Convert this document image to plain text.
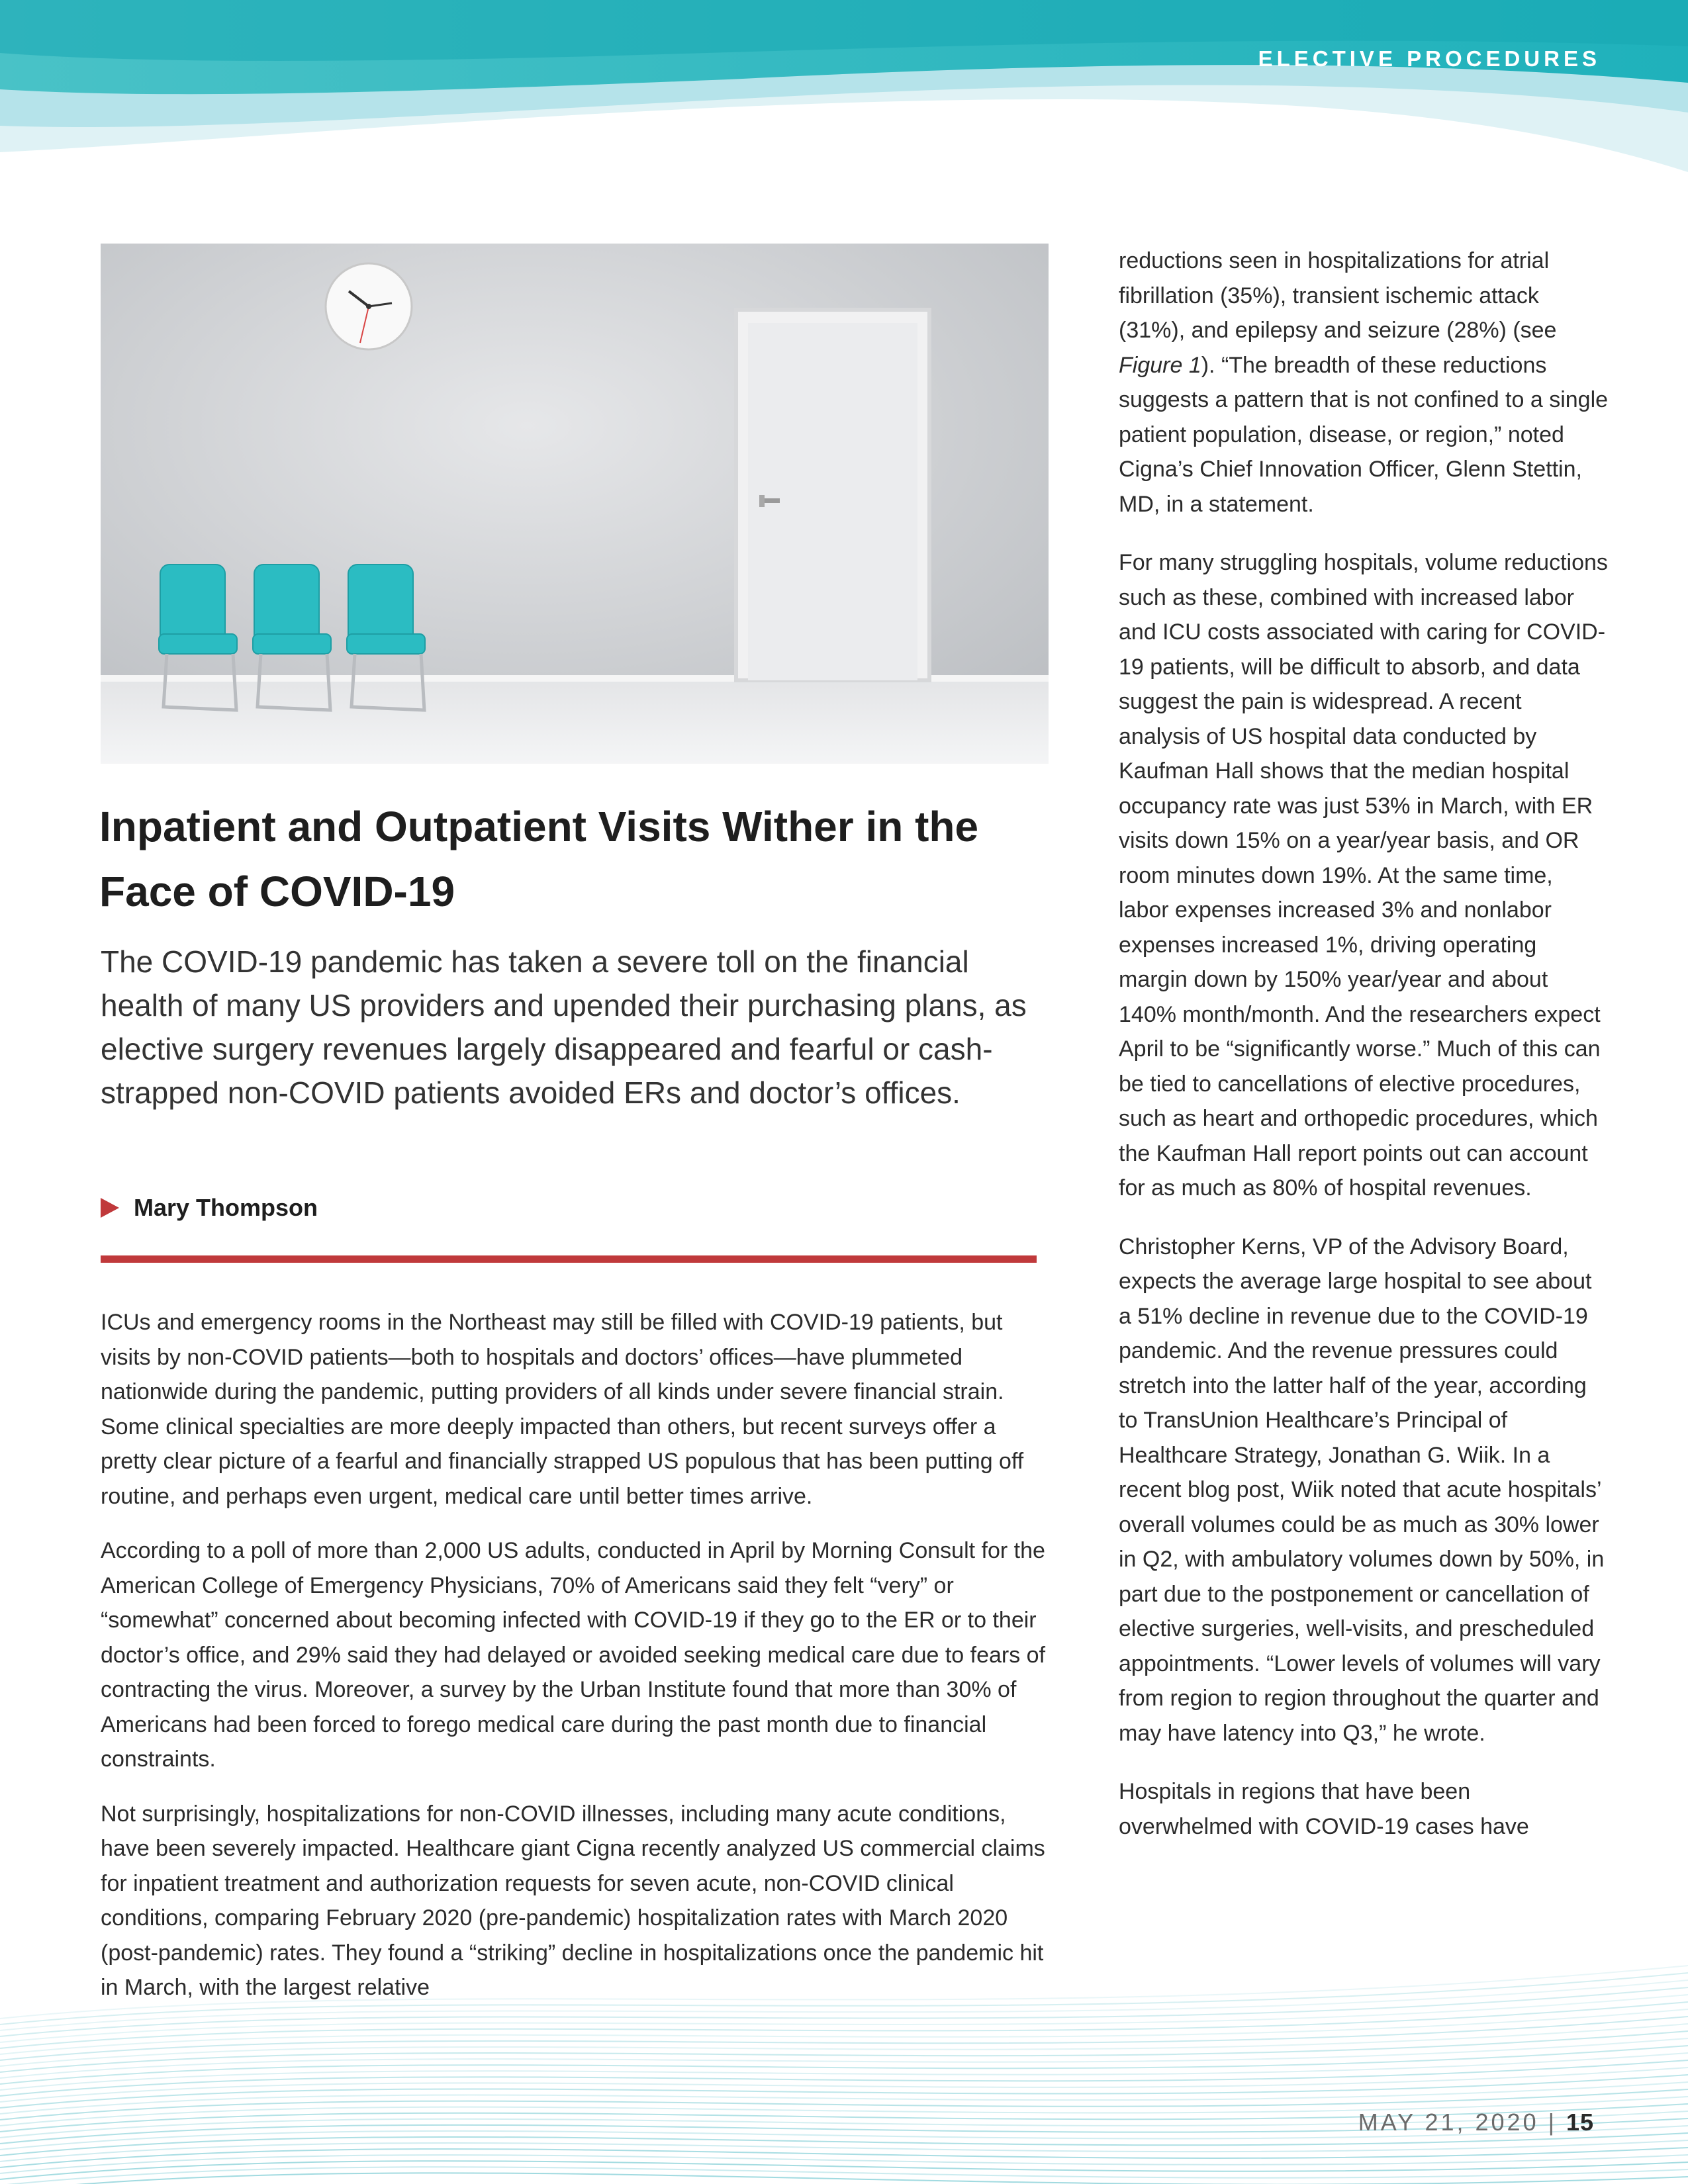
ELECTIVE PROCEDURES
Inpatient and Outpatient Visits Wither in the Face of COVID-19

The COVID-19 pandemic has taken a severe toll on the financial health of many US providers and upended their purchasing plans, as elective surgery revenues largely disappeared and fearful or cash-strapped non-COVID patients avoided ERs and doctor’s offices.

Mary Thompson

ICUs and emergency rooms in the Northeast may still be filled with COVID-19 patients, but visits by non-COVID patients—both to hospitals and doctors’ offices—have plummeted nationwide during the pandemic, putting providers of all kinds under severe financial strain. Some clinical specialties are more deeply impacted than others, but recent surveys offer a pretty clear picture of a fearful and financially strapped US populous that has been putting off routine, and perhaps even urgent, medical care until better times arrive.

According to a poll of more than 2,000 US adults, conducted in April by Morning Consult for the American College of Emergency Physicians, 70% of Americans said they felt “very” or “somewhat” concerned about becoming infected with COVID-19 if they go to the ER or to their doctor’s office, and 29% said they had delayed or avoided seeking medical care due to fears of contracting the virus. Moreover, a survey by the Urban Institute found that more than 30% of Americans had been forced to forego medical care during the past month due to financial constraints.

Not surprisingly, hospitalizations for non-COVID illnesses, including many acute conditions, have been severely impacted. Healthcare giant Cigna recently analyzed US commercial claims for inpatient treatment and authorization requests for seven acute, non-COVID clinical conditions, comparing February 2020 (pre-pandemic) hospitalization rates with March 2020 (post-pandemic) rates. They found a “striking” decline in hospitalizations once the pandemic hit in March, with the largest relative

reductions seen in hospitalizations for atrial fibrillation (35%), transient ischemic attack (31%), and epilepsy and seizure (28%) (see Figure 1). “The breadth of these reductions suggests a pattern that is not confined to a single patient population, disease, or region,” noted Cigna’s Chief Innovation Officer, Glenn Stettin, MD, in a statement.

For many struggling hospitals, volume reductions such as these, combined with increased labor and ICU costs associated with caring for COVID-19 patients, will be difficult to absorb, and data suggest the pain is widespread. A recent analysis of US hospital data conducted by Kaufman Hall shows that the median hospital occupancy rate was just 53% in March, with ER visits down 15% on a year/year basis, and OR room minutes down 19%. At the same time, labor expenses increased 3% and nonlabor expenses increased 1%, driving operating margin down by 150% year/year and about 140% month/month. And the researchers expect April to be “significantly worse.” Much of this can be tied to cancellations of elective procedures, such as heart and orthopedic procedures, which the Kaufman Hall report points out can account for as much as 80% of hospital revenues.

Christopher Kerns, VP of the Advisory Board, expects the average large hospital to see about a 51% decline in revenue due to the COVID-19 pandemic. And the revenue pressures could stretch into the latter half of the year, according to TransUnion Healthcare’s Principal of Healthcare Strategy, Jonathan G. Wiik. In a recent blog post, Wiik noted that acute hospitals’ overall volumes could be as much as 30% lower in Q2, with ambulatory volumes down by 50%, in part due to the postponement or cancellation of elective surgeries, well-visits, and prescheduled appointments. “Lower levels of volumes will vary from region to region throughout the quarter and may have latency into Q3,” he wrote.

Hospitals in regions that have been overwhelmed with COVID-19 cases have

MAY 21, 2020 | 15
